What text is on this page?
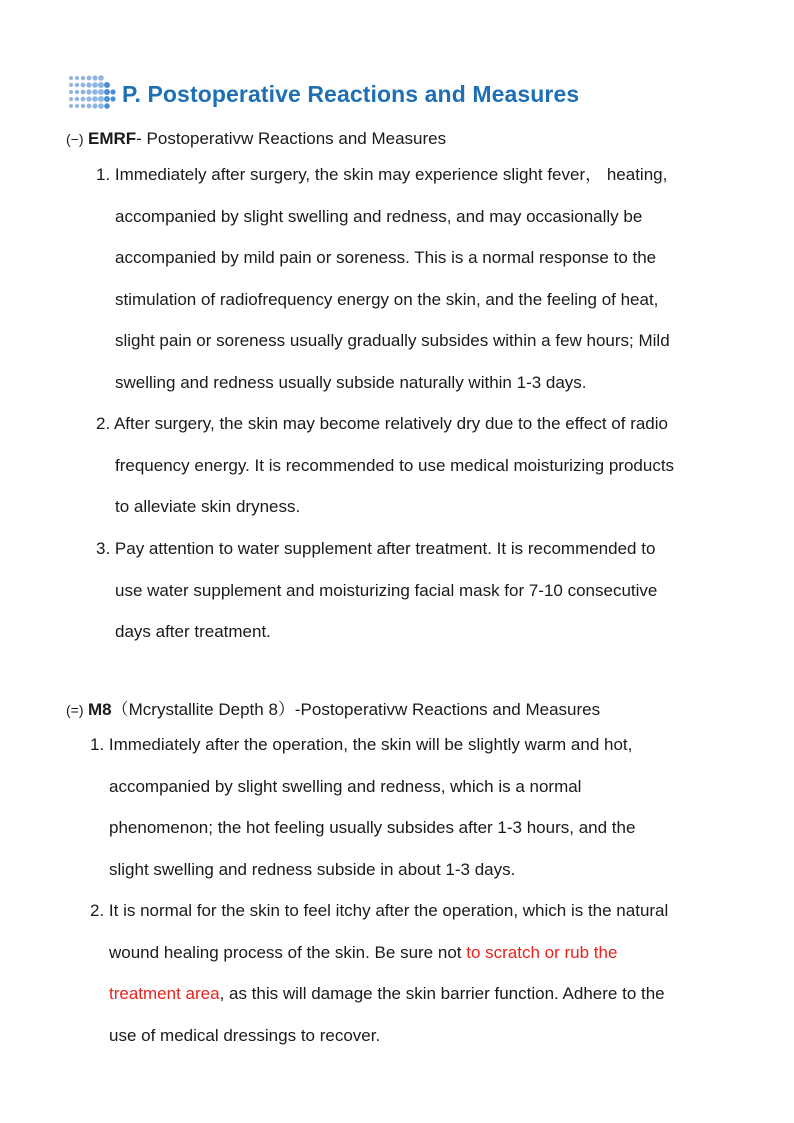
P. Postoperative Reactions and Measures
(−) EMRF- Postoperativw Reactions and Measures
1. Immediately after surgery, the skin may experience slight fever， heating,
accompanied by slight swelling and redness, and may occasionally be
accompanied by mild pain or soreness. This is a normal response to the
stimulation of radiofrequency energy on the skin, and the feeling of heat,
slight pain or soreness usually gradually subsides within a few hours; Mild
swelling and redness usually subside naturally within 1-3 days.
2. After surgery, the skin may become relatively dry due to the effect of radio
frequency energy. It is recommended to use medical moisturizing products
to alleviate skin dryness.
3. Pay attention to water supplement after treatment. It is recommended to
use water supplement and moisturizing facial mask for 7-10 consecutive
days after treatment.
(=) M8（Mcrystallite Depth 8）-Postoperativw Reactions and Measures
1. Immediately after the operation, the skin will be slightly warm and hot,
accompanied by slight swelling and redness, which is a normal
phenomenon; the hot feeling usually subsides after 1-3 hours, and the
slight swelling and redness subside in about 1-3 days.
2. It is normal for the skin to feel itchy after the operation, which is the natural
wound healing process of the skin. Be sure not to scratch or rub the
treatment area, as this will damage the skin barrier function. Adhere to the
use of medical dressings to recover.
